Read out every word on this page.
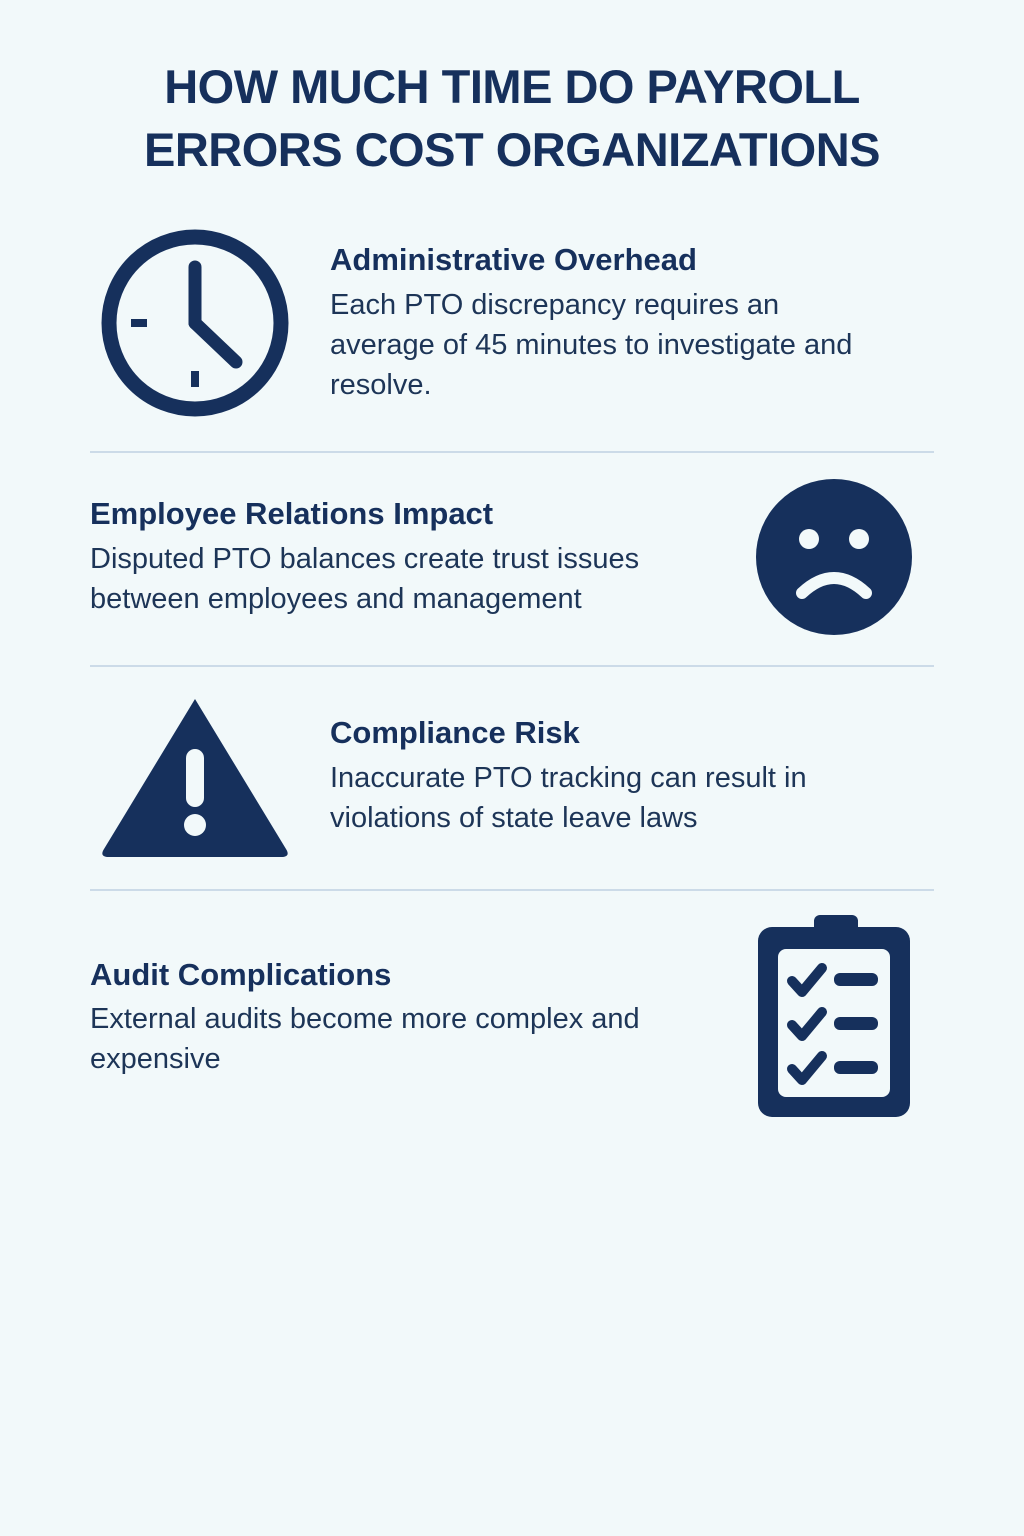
HOW MUCH TIME DO PAYROLL
ERRORS COST ORGANIZATIONS
Administrative Overhead

Each PTO discrepancy requires an average of 45 minutes to investigate and resolve.

Employee Relations Impact

Disputed PTO balances create trust issues between employees and management

Compliance Risk

Inaccurate PTO tracking can result in violations of state leave laws

Audit Complications

External audits become more complex and expensive
